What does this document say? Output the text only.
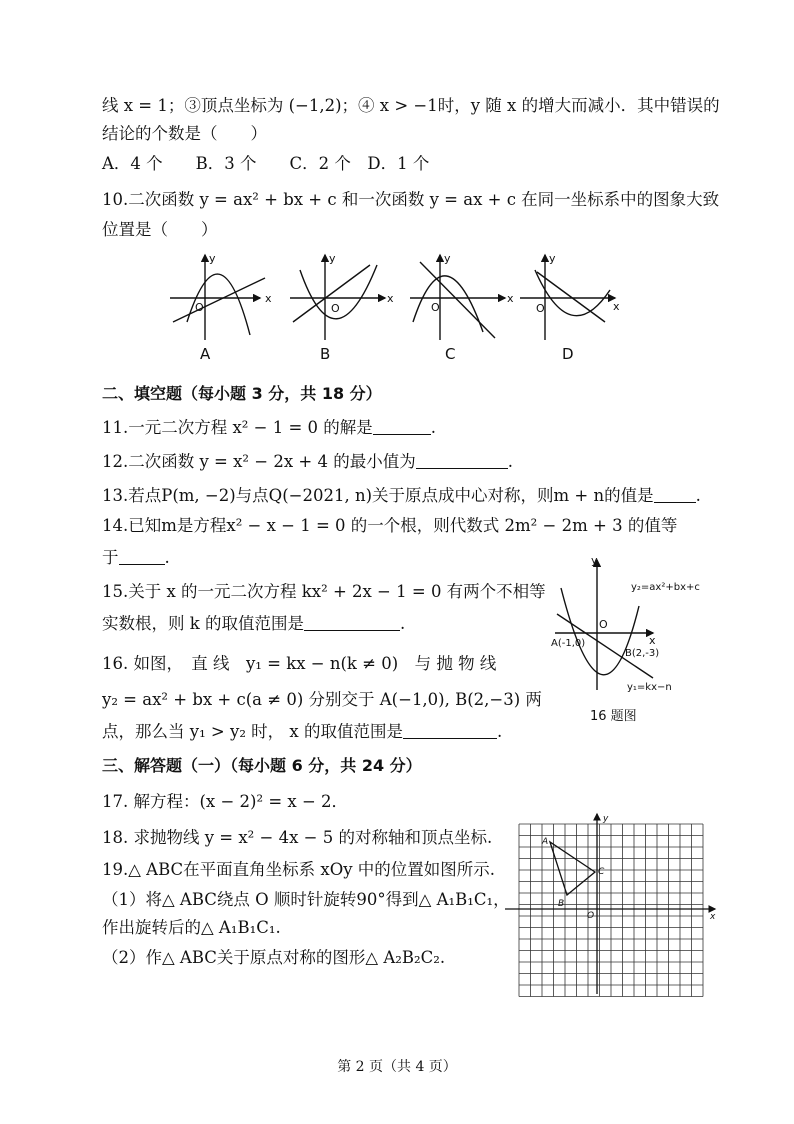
线 x = 1；③顶点坐标为 (−1,2)；④ x > −1时，y 随 x 的增大而减小．其中错误的
结论的个数是（　　）
A．4 个　　B．3 个　　C．2 个　D．1 个
10.二次函数 y = ax² + bx + c 和一次函数 y = ax + c 在同一坐标系中的图象大致
位置是（　　）
y
x
O
y
x
O
y
x
O
y
x
O
A	B	C	D
二、填空题（每小题 3 分，共 18 分）
11.一元二次方程 x² − 1 = 0 的解是	.
12.二次函数 y = x² − 2x + 4 的最小值为	.
13.若点P(m, −2)与点Q(−2021, n)关于原点成中心对称，则m + n的值是	.
14.已知m是方程x² − x − 1 = 0 的一个根，则代数式 2m² − 2m + 3 的值等
于	.
15.关于 x 的一元二次方程 kx² + 2x − 1 = 0 有两个不相等
实数根，则 k 的取值范围是	.
16. 如图，　直 线　y₁ = kx − n(k ≠ 0)　与 抛 物 线
y₂ = ax² + bx + c(a ≠ 0) 分别交于 A(−1,0), B(2,−3) 两
点，那么当 y₁ > y₂ 时， x 的取值范围是	.
y
x
O
y₂=ax²+bx+c
A(-1,0)
B(2,-3)
y₁=kx−n
16 题图
三、解答题（一）（每小题 6 分，共 24 分）
17. 解方程：(x − 2)² = x − 2．
18. 求抛物线 y = x² − 4x − 5 的对称轴和顶点坐标.
19.△ ABC在平面直角坐标系 xOy 中的位置如图所示.
（1）将△ ABC绕点 O 顺时针旋转90°得到△ A₁B₁C₁，
作出旋转后的△ A₁B₁C₁.
（2）作△ ABC关于原点对称的图形△ A₂B₂C₂.
y
x
O
A
B
C
第 2 页（共 4 页）
